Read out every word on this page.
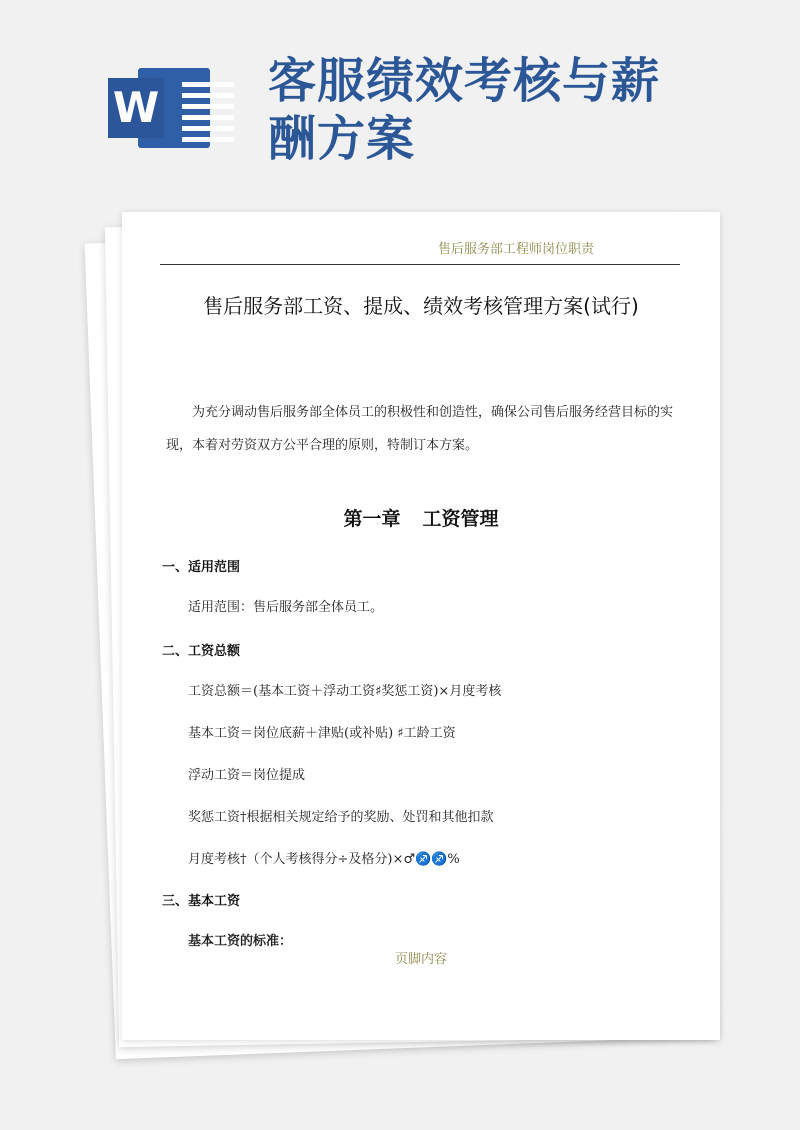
W 客服绩效考核与薪酬方案
售后服务部工程师岗位职责
售后服务部工资、提成、绩效考核管理方案(试行)
为充分调动售后服务部全体员工的积极性和创造性，确保公司售后服务经营目标的实现，本着对劳资双方公平合理的原则，特制订本方案。
第一章 工资管理
一、适用范围
适用范围：售后服务部全体员工。
二、工资总额
工资总额＝(基本工资＋浮动工资♯奖惩工资)×月度考核
基本工资＝岗位底薪＋津贴(或补贴) ♯工龄工资
浮动工资＝岗位提成
奖惩工资†根据相关规定给予的奖励、处罚和其他扣款
月度考核†（个人考核得分÷及格分)×♂♐♐%
三、基本工资
基本工资的标准：
页脚内容
